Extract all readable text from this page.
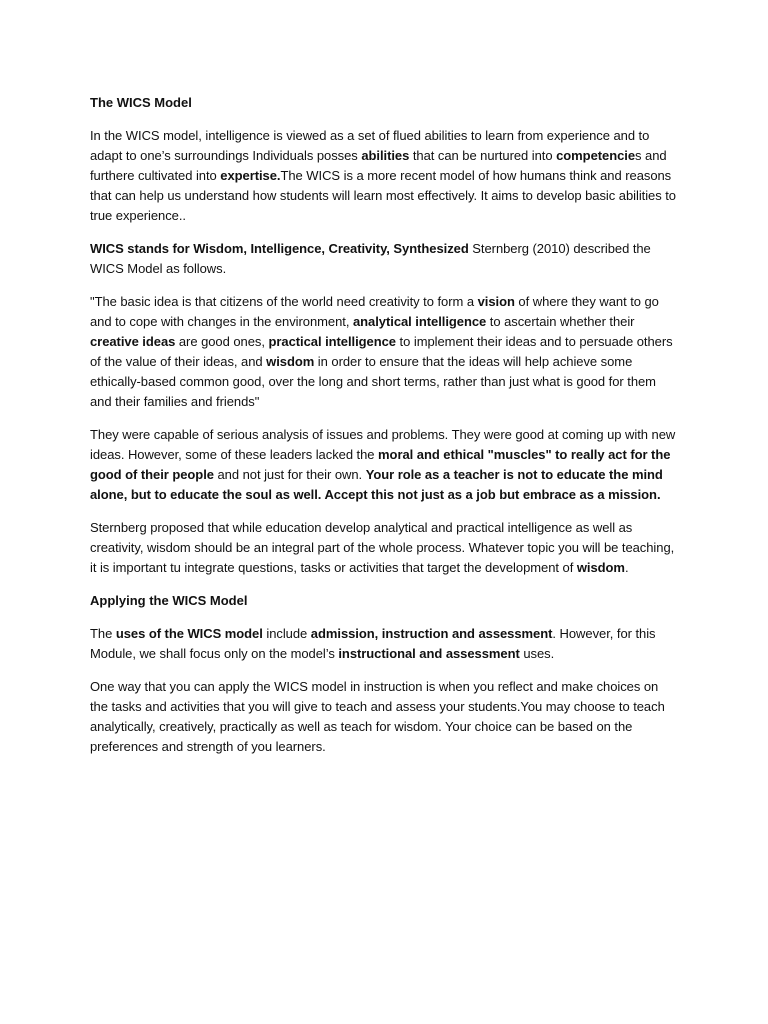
The WICS Model

In the WICS model, intelligence is viewed as a set of flued abilities to learn from experience and to adapt to one’s surroundings Individuals posses abilities that can be nurtured into competencies and furthere cultivated into expertise.The WICS is a more recent model of how humans think and reasons that can help us understand how students will learn most effectively. It aims to develop basic abilities to true experience..

WICS stands for Wisdom, Intelligence, Creativity, Synthesized Sternberg (2010) described the WICS Model as follows.

"The basic idea is that citizens of the world need creativity to form a vision of where they want to go and to cope with changes in the environment, analytical intelligence to ascertain whether their creative ideas are good ones, practical intelligence to implement their ideas and to persuade others of the value of their ideas, and wisdom in order to ensure that the ideas will help achieve some ethically-based common good, over the long and short terms, rather than just what is good for them and their families and friends"

They were capable of serious analysis of issues and problems. They were good at coming up with new ideas. However, some of these leaders lacked the moral and ethical "muscles" to really act for the good of their people and not just for their own. Your role as a teacher is not to educate the mind alone, but to educate the soul as well. Accept this not just as a job but embrace as a mission.

Sternberg proposed that while education develop analytical and practical intelligence as well as creativity, wisdom should be an integral part of the whole process. Whatever topic you will be teaching, it is important tu integrate questions, tasks or activities that target the development of wisdom.

Applying the WICS Model

The uses of the WICS model include admission, instruction and assessment. However, for this Module, we shall focus only on the model’s instructional and assessment uses.

One way that you can apply the WICS model in instruction is when you reflect and make choices on the tasks and activities that you will give to teach and assess your students.You may choose to teach analytically, creatively, practically as well as teach for wisdom. Your choice can be based on the preferences and strength of you learners.
